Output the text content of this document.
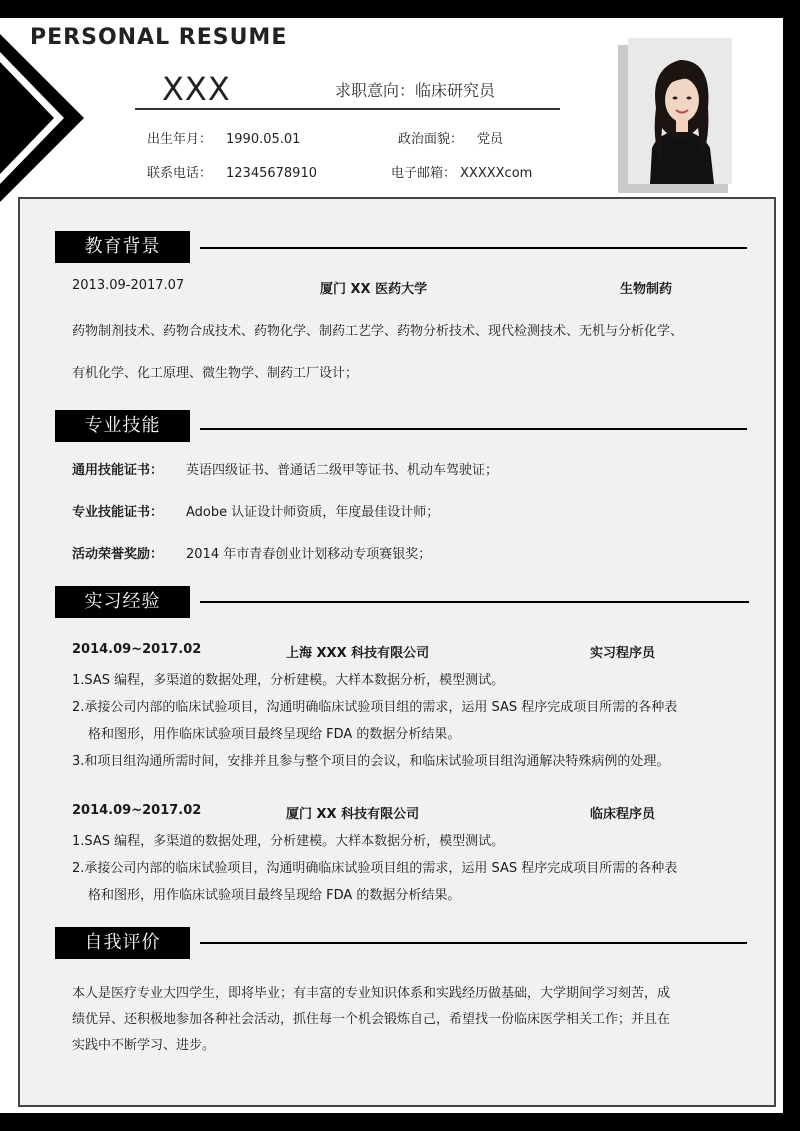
PERSONAL RESUME
XXX	求职意向：临床研究员
出生年月： 1990.05.01	政治面貌： 党员
联系电话： 12345678910	电子邮箱： XXXXXcom
教育背景
2013.09-2017.07	厦门 XX 医药大学	生物制药
药物制剂技术、药物合成技术、药物化学、制药工艺学、药物分析技术、现代检测技术、无机与分析化学、
有机化学、化工原理、微生物学、制药工厂设计；
专业技能
通用技能证书： 英语四级证书、普通话二级甲等证书、机动车驾驶证；
专业技能证书： Adobe 认证设计师资质，年度最佳设计师；
活动荣誉奖励： 2014 年市青春创业计划移动专项赛银奖；
实习经验
2014.09~2017.02	上海 XXX 科技有限公司	实习程序员
1.SAS 编程，多渠道的数据处理，分析建模。大样本数据分析，模型测试。
2.承接公司内部的临床试验项目，沟通明确临床试验项目组的需求，运用 SAS 程序完成项目所需的各种表
格和图形，用作临床试验项目最终呈现给 FDA 的数据分析结果。
3.和项目组沟通所需时间，安排并且参与整个项目的会议，和临床试验项目组沟通解决特殊病例的处理。
2014.09~2017.02	厦门 XX 科技有限公司	临床程序员
1.SAS 编程，多渠道的数据处理，分析建模。大样本数据分析，模型测试。
2.承接公司内部的临床试验项目，沟通明确临床试验项目组的需求，运用 SAS 程序完成项目所需的各种表
格和图形，用作临床试验项目最终呈现给 FDA 的数据分析结果。
自我评价
本人是医疗专业大四学生，即将毕业；有丰富的专业知识体系和实践经历做基础，大学期间学习刻苦，成
绩优异、还积极地参加各种社会活动，抓住每一个机会锻炼自己，希望找一份临床医学相关工作；并且在
实践中不断学习、进步。
